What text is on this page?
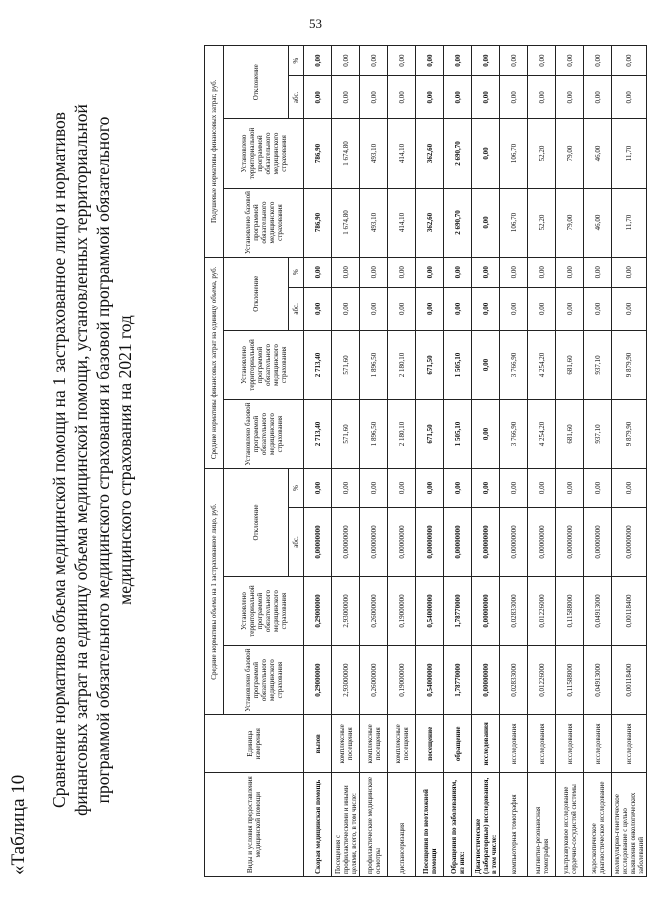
53
«Таблица 10
Сравнение нормативов объема медицинской помощи на 1 застрахованное лицо и нормативов финансовых затрат на единицу объема медицинской помощи, установленных территориальной программой обязательного медицинского страхования и базовой программой обязательного медицинского страхования на 2021 год
Виды и условия предоставления медицинской помощи	Единица измерения	Средние нормативы объема на 1 застрахованное лицо, руб.				Средние нормативы финансовых затрат на единицу объема, руб.				Подушевые нормативы финансовых затрат, руб.			
		Установлено базовой программой обязательного медицинского страхования	Установлено территориальной программой обязательного медицинского страхования	Отклонение		Установлено базовой программой обязательного медицинского страхования	Установлено территориальной программой обязательного медицинского страхования	Отклонение		Установлено базовой программой обязательного медицинского страхования	Установлено территориальной программой обязательного медицинского страхования	Отклонение	
				абс.	%			абс.	%			абс.	%
Скорая медицинская помощь	вызов	0,29000000	0,29000000	0,00000000	0,00	2 713,40	2 713,40	0,00	0,00	786,90	786,90	0,00	0,00
Посещения с профилактическими и иными целями, всего, в том числе:	комплексные посещения	2,93000000	2,93000000	0,00000000	0,00	571,60	571,60	0,00	0,00	1 674,80	1 674,80	0,00	0,00
профилактические медицинские осмотры	комплексные посещения	0,26000000	0,26000000	0,00000000	0,00	1 896,50	1 896,50	0,00	0,00	493,10	493,10	0,00	0,00
диспансеризация	комплексные посещения	0,19000000	0,19000000	0,00000000	0,00	2 180,10	2 180,10	0,00	0,00	414,10	414,10	0,00	0,00
Посещения по неотложной помощи	посещение	0,54000000	0,54000000	0,00000000	0,00	671,50	671,50	0,00	0,00	362,60	362,60	0,00	0,00
Обращения по заболеваниям, из них:	обращение	1,78770000	1,78770000	0,00000000	0,00	1 505,10	1 505,10	0,00	0,00	2 690,70	2 690,70	0,00	0,00
Диагностические (лабораторные) исследования, в том числе:	исследования	0,00000000	0,00000000	0,00000000	0,00	0,00	0,00	0,00	0,00	0,00	0,00	0,00	0,00
компьютерная томография	исследования	0,02833000	0,02833000	0,00000000	0,00	3 766,90	3 766,90	0,00	0,00	106,70	106,70	0,00	0,00
магнитно-резонансная томография	исследования	0,01226000	0,01226000	0,00000000	0,00	4 254,20	4 254,20	0,00	0,00	52,20	52,20	0,00	0,00
ультразвуковое исследование сердечно-сосудистой системы	исследования	0,11588000	0,11588000	0,00000000	0,00	681,60	681,60	0,00	0,00	79,00	79,00	0,00	0,00
эндоскопическое диагностическое исследование	исследования	0,04913000	0,04913000	0,00000000	0,00	937,10	937,10	0,00	0,00	46,00	46,00	0,00	0,00
молекулярно-генетическое исследование с целью выявления онкологических заболеваний	исследования	0,00118400	0,00118400	0,00000000	0,00	9 879,90	9 879,90	0,00	0,00	11,70	11,70	0,00	0,00
